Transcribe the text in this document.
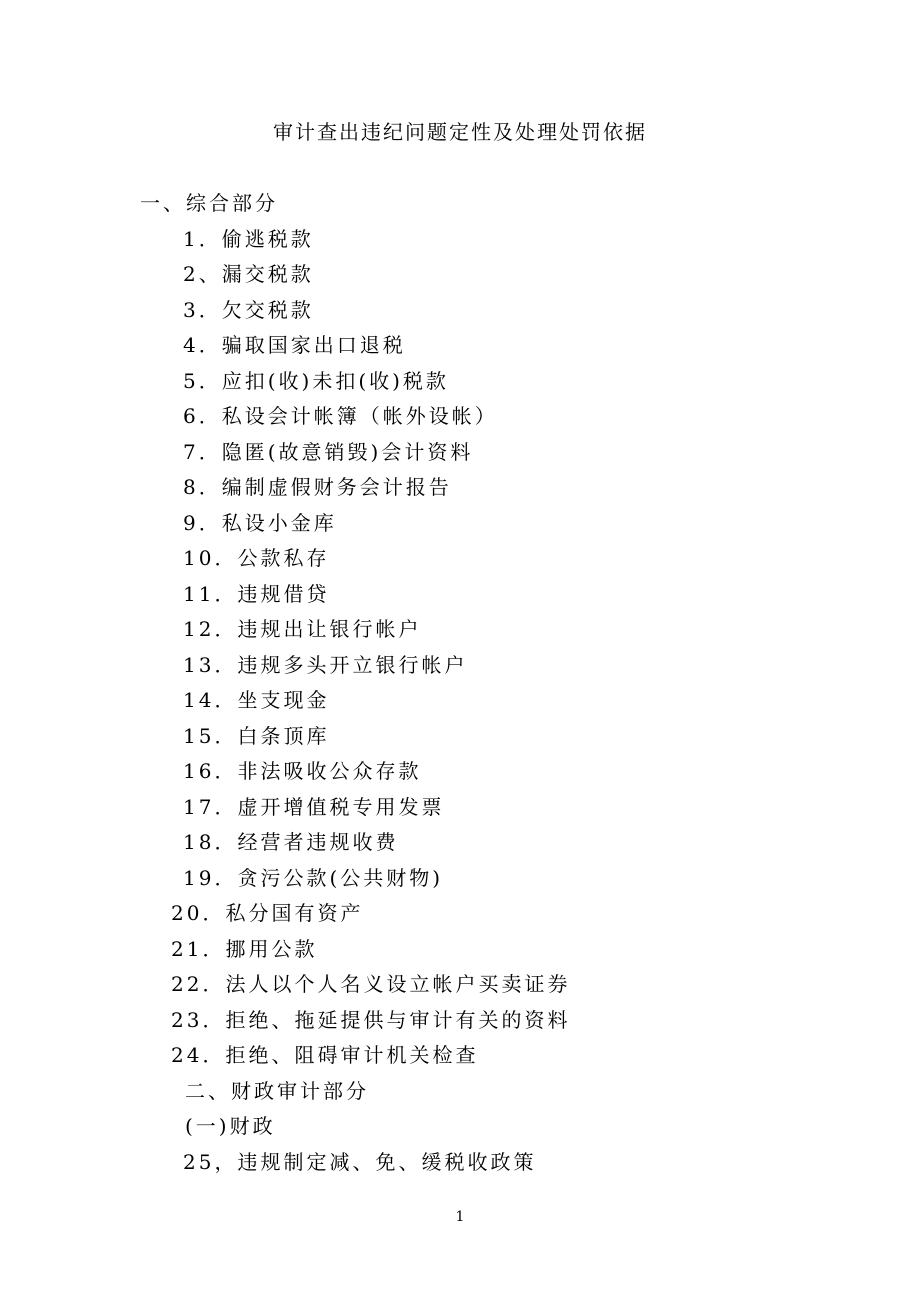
审计查出违纪问题定性及处理处罚依据
一、综合部分
1．偷逃税款
2、漏交税款
3．欠交税款
4．骗取国家出口退税
5．应扣(收)未扣(收)税款
6．私设会计帐簿（帐外设帐）
7．隐匿(故意销毁)会计资料
8．编制虚假财务会计报告
9．私设小金库
10．公款私存
11．违规借贷
12．违规出让银行帐户
13．违规多头开立银行帐户
14．坐支现金
15．白条顶库
16．非法吸收公众存款
17．虚开增值税专用发票
18．经营者违规收费
19．贪污公款(公共财物)
20．私分国有资产
21．挪用公款
22．法人以个人名义设立帐户买卖证券
23．拒绝、拖延提供与审计有关的资料
24．拒绝、阻碍审计机关检查
二、财政审计部分
(一)财政
25，违规制定减、免、缓税收政策
1
